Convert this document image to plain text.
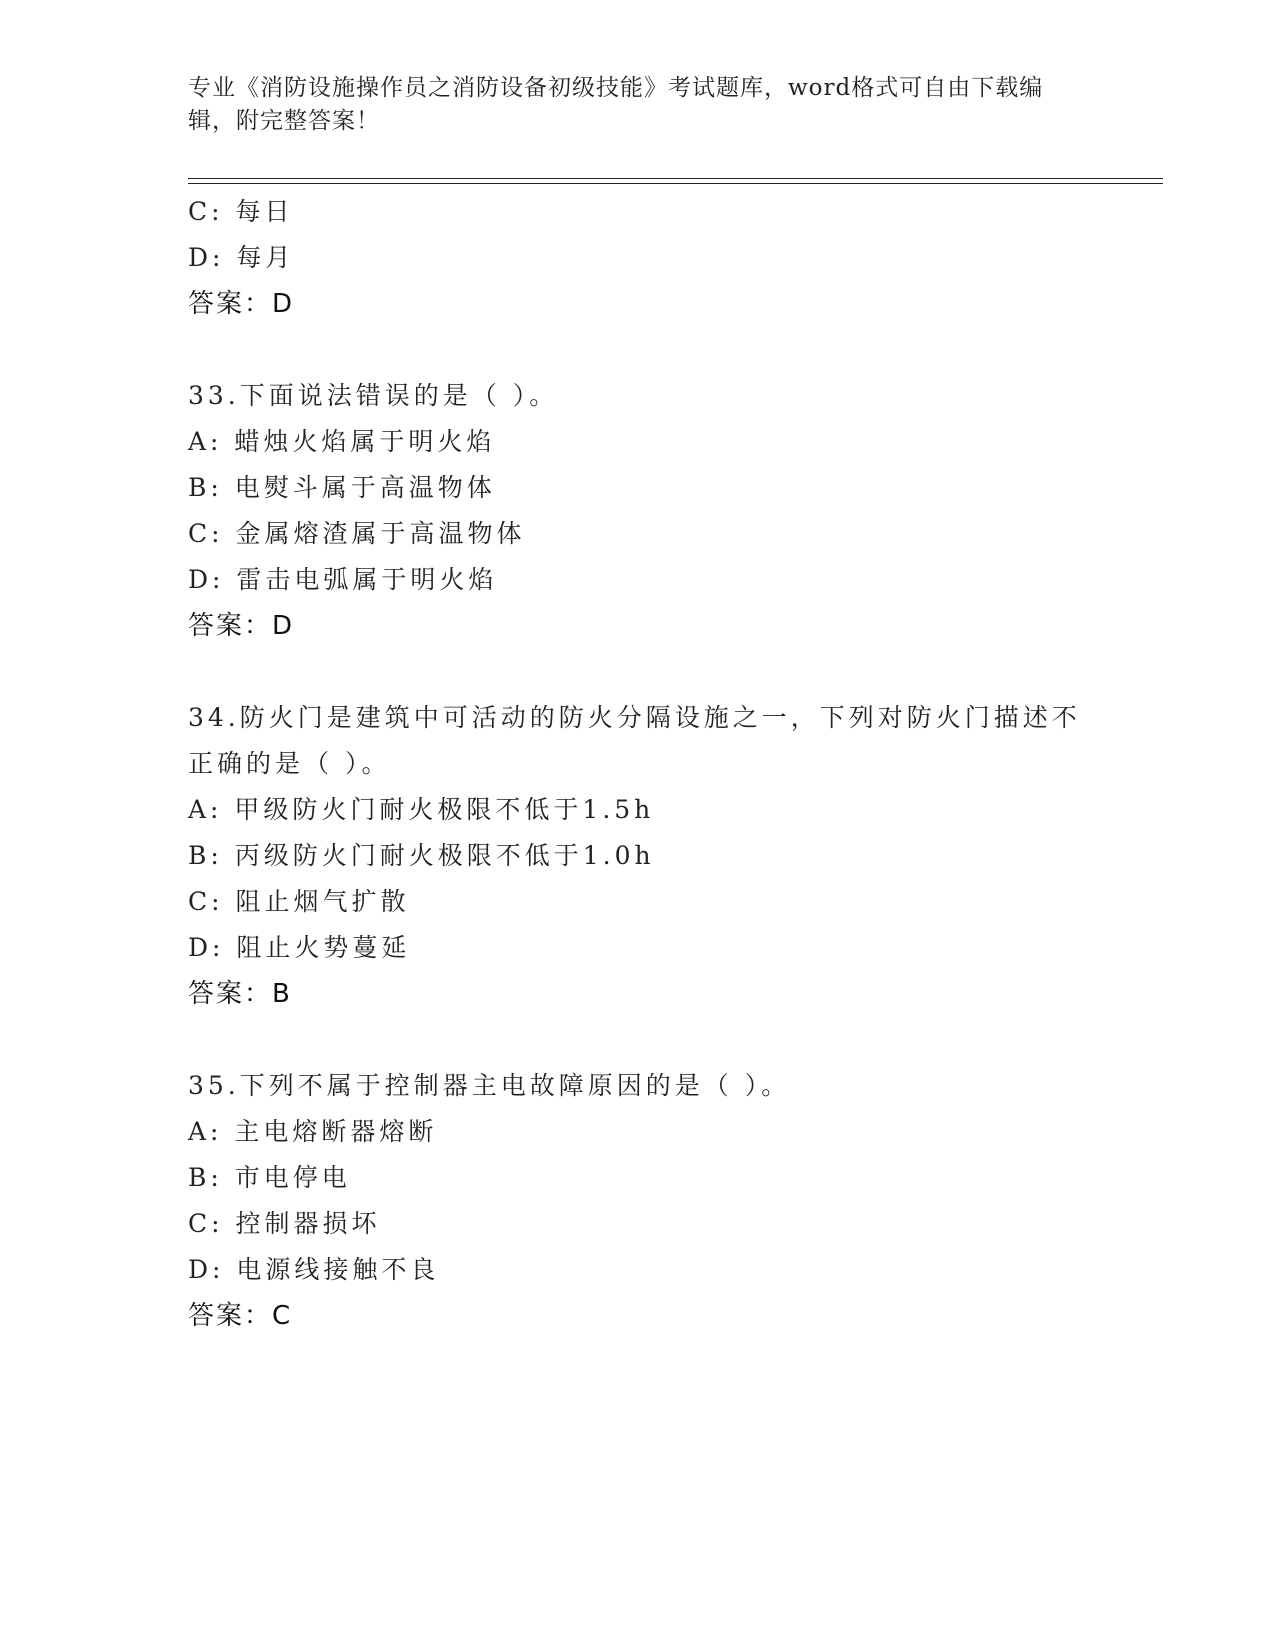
专业《消防设施操作员之消防设备初级技能》考试题库，word格式可自由下载编
辑，附完整答案！
C: 每日
D: 每月
答案：D
33.下面说法错误的是（ ）。
A: 蜡烛火焰属于明火焰
B: 电熨斗属于高温物体
C: 金属熔渣属于高温物体
D: 雷击电弧属于明火焰
答案：D
34.防火门是建筑中可活动的防火分隔设施之一，下列对防火门描述不
正确的是（ ）。
A: 甲级防火门耐火极限不低于1.5h
B: 丙级防火门耐火极限不低于1.0h
C: 阻止烟气扩散
D: 阻止火势蔓延
答案：B
35.下列不属于控制器主电故障原因的是（ ）。
A: 主电熔断器熔断
B: 市电停电
C: 控制器损坏
D: 电源线接触不良
答案：C
